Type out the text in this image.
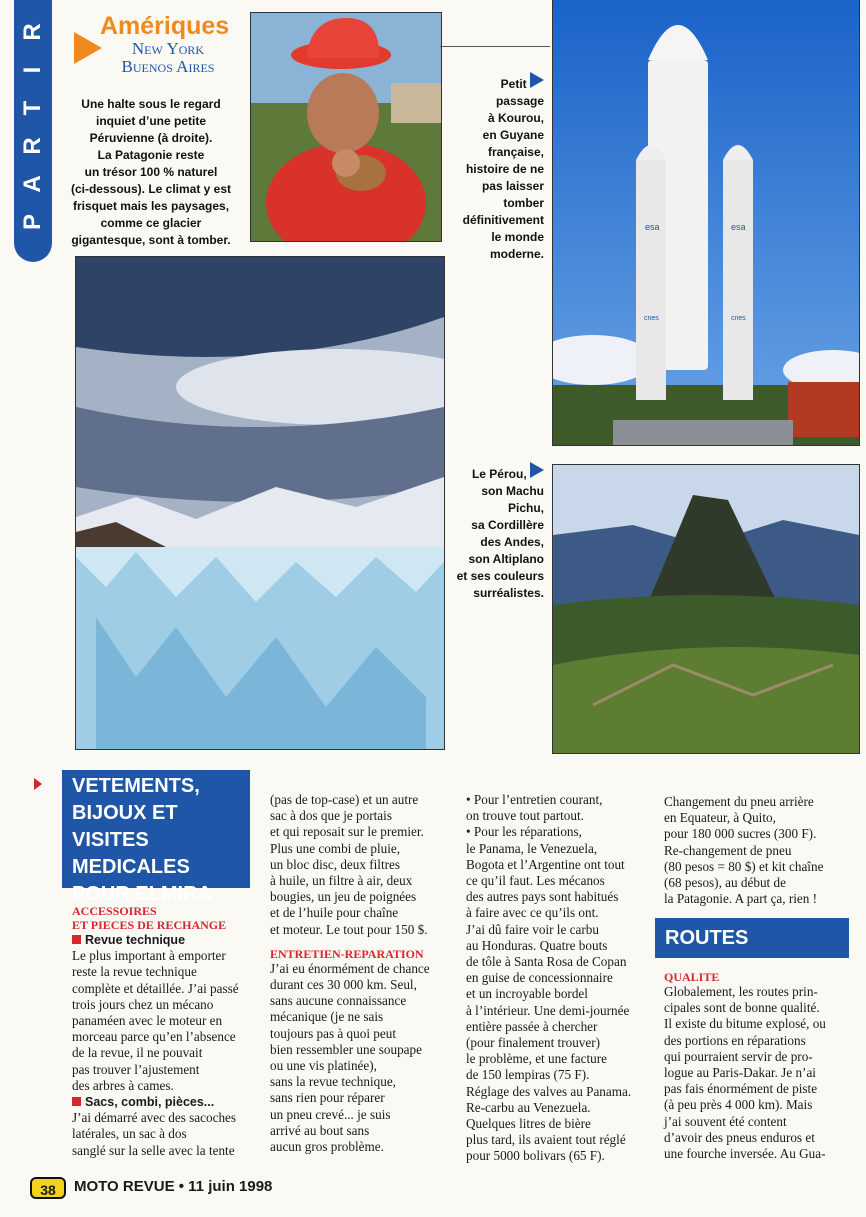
R
I
T
R
A
P
Amériques
New York
Buenos Aires
Une halte sous le regard
inquiet d’une petite
Péruvienne (à droite).
La Patagonie reste
un trésor 100 % naturel
(ci-dessous). Le climat y est
frisquet mais les paysages,
comme ce glacier
gigantesque, sont à tomber.
Petit
passage
à Kourou,
en Guyane
française,
histoire de ne
pas laisser
tomber
définitivement
le monde
moderne.
esa	esa
cnes	cnes
Le Pérou,
son Machu
Pichu,
sa Cordillère
des Andes,
son Altiplano
et ses couleurs
surréalistes.
VETEMENTS,
BIJOUX ET VISITES
MEDICALES
POUR ELMIRA
ACCESSOIRES
ET PIECES DE RECHANGE

Revue technique

Le plus important à emporter

reste la revue technique

complète et détaillée. J’ai passé

trois jours chez un mécano

panaméen avec le moteur en

morceau parce qu’en l’absence

de la revue, il ne pouvait

pas trouver l’ajustement

des arbres à cames.

Sacs, combi, pièces...

J’ai démarré avec des sacoches

latérales, un sac à dos

sanglé sur la selle avec la tente

(pas de top-case) et un autre

sac à dos que je portais

et qui reposait sur le premier.

Plus une combi de pluie,

un bloc disc, deux filtres

à huile, un filtre à air, deux

bougies, un jeu de poignées

et de l’huile pour chaîne

et moteur. Le tout pour 150 $.

ENTRETIEN-REPARATION

J’ai eu énormément de chance

durant ces 30 000 km. Seul,

sans aucune connaissance

mécanique (je ne sais

toujours pas à quoi peut

bien ressembler une soupape

ou une vis platinée),

sans la revue technique,

sans rien pour réparer

un pneu crevé... je suis

arrivé au bout sans

aucun gros problème.

• Pour l’entretien courant,

on trouve tout partout.

• Pour les réparations,

le Panama, le Venezuela,

Bogota et l’Argentine ont tout

ce qu’il faut. Les mécanos

des autres pays sont habitués

à faire avec ce qu’ils ont.

J’ai dû faire voir le carbu

au Honduras. Quatre bouts

de tôle à Santa Rosa de Copan

en guise de concessionnaire

et un incroyable bordel

à l’intérieur. Une demi-journée

entière passée à chercher

(pour finalement trouver)

le problème, et une facture

de 150 lempiras (75 F).

Réglage des valves au Panama.

Re-carbu au Venezuela.

Quelques litres de bière

plus tard, ils avaient tout réglé

pour 5000 bolivars (65 F).

Changement du pneu arrière

en Equateur, à Quito,

pour 180 000 sucres (300 F).

Re-changement de pneu

(80 pesos = 80 $) et kit chaîne

(68 pesos), au début de

la Patagonie. A part ça, rien !

ROUTES
QUALITE

Globalement, les routes prin-

cipales sont de bonne qualité.

Il existe du bitume explosé, ou

des portions en réparations

qui pourraient servir de pro-

logue au Paris-Dakar. Je n’ai

pas fais énormément de piste

(à peu près 4 000 km). Mais

j’ai souvent été content

d’avoir des pneus enduros et

une fourche inversée. Au Gua-

38	MOTO REVUE • 11 juin 1998
